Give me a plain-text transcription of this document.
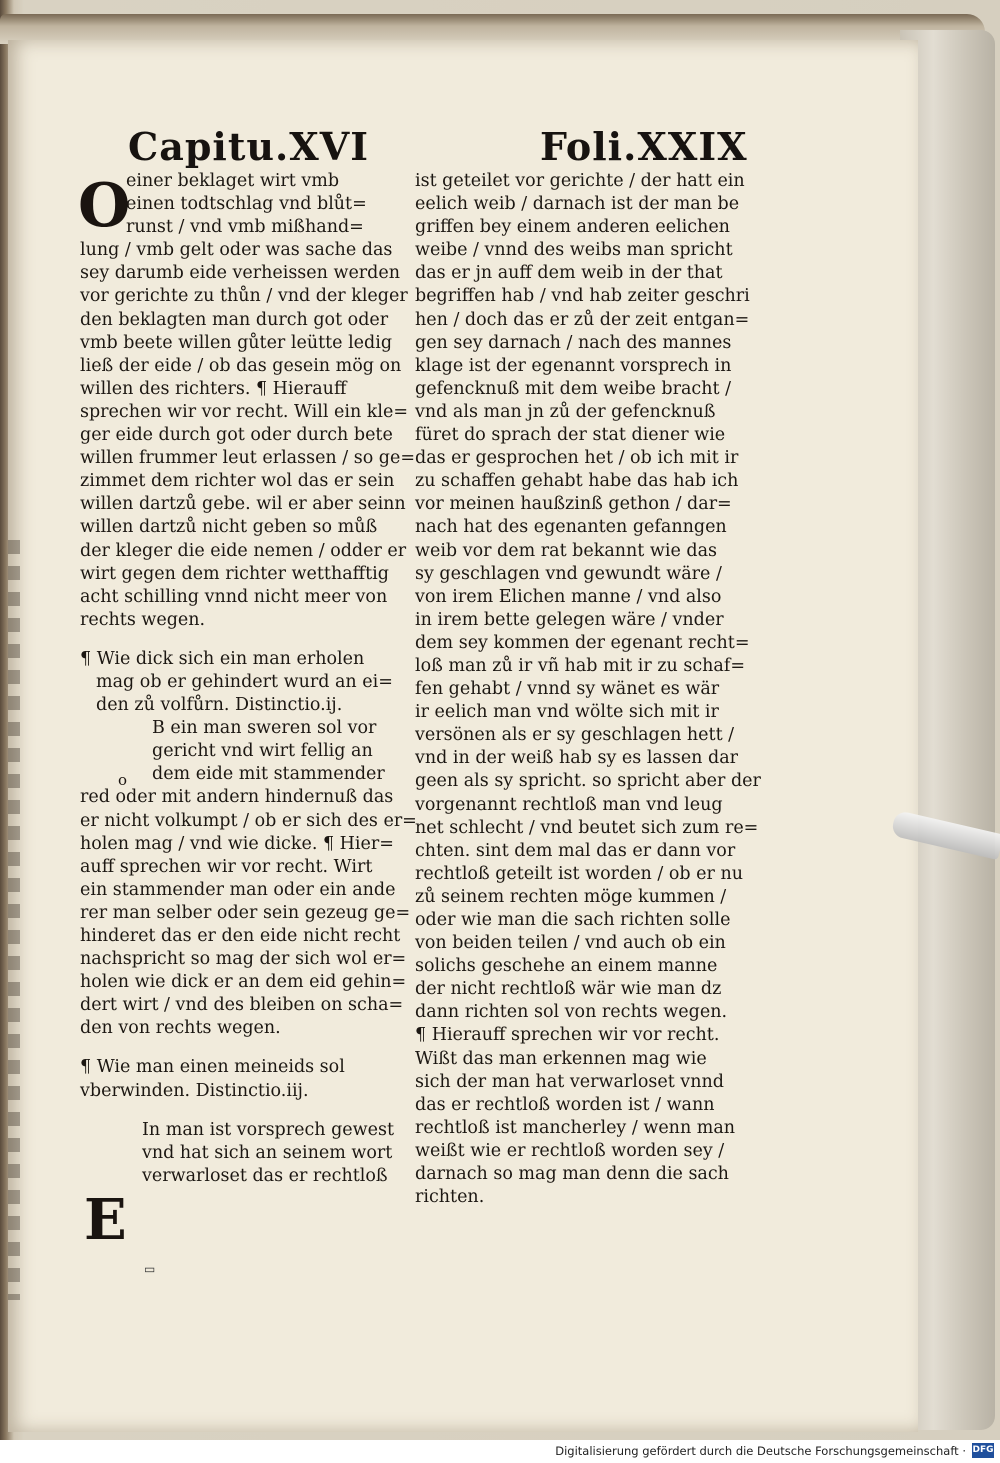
Capitu.XVI	Foli.XXIX
O
o
E
einer beklaget wirt vmb
einen todtschlag vnd blůt=
runst / vnd vmb mißhand=
lung / vmb gelt oder was sache das
sey darumb eide verheissen werden
vor gerichte zu thůn / vnd der kleger
den beklagten man durch got oder
vmb beete willen gůter leütte ledig
ließ der eide / ob das gesein mög on
willen des richters. ¶ Hierauff
sprechen wir vor recht. Will ein kle=
ger eide durch got oder durch bete
willen frummer leut erlassen / so ge=
zimmet dem richter wol das er sein
willen dartzů gebe. wil er aber seinn
willen dartzů nicht geben so můß
der kleger die eide nemen / odder er
wirt gegen dem richter wetthafftig
acht schilling vnnd nicht meer von
rechts wegen.
¶ Wie dick sich ein man erholen
mag ob er gehindert wurd an ei=
den zů volfůrn. Distinctio.ij.
B ein man sweren sol vor
gericht vnd wirt fellig an
dem eide mit stammender
red oder mit andern hindernuß das
er nicht volkumpt / ob er sich des er=
holen mag / vnd wie dicke. ¶ Hier=
auff sprechen wir vor recht. Wirt
ein stammender man oder ein ande
rer man selber oder sein gezeug ge=
hinderet das er den eide nicht recht
nachspricht so mag der sich wol er=
holen wie dick er an dem eid gehin=
dert wirt / vnd des bleiben on scha=
den von rechts wegen.
¶ Wie man einen meineids sol
vberwinden. Distinctio.iij.
In man ist vorsprech gewest
vnd hat sich an seinem wort
verwarloset das er rechtloß
ist geteilet vor gerichte / der hatt ein
eelich weib / darnach ist der man be
griffen bey einem anderen eelichen
weibe / vnnd des weibs man spricht
das er jn auff dem weib in der that
begriffen hab / vnd hab zeiter geschri
hen / doch das er zů der zeit entgan=
gen sey darnach / nach des mannes
klage ist der egenannt vorsprech in
gefencknuß mit dem weibe bracht /
vnd als man jn zů der gefencknuß
füret do sprach der stat diener wie
das er gesprochen het / ob ich mit ir
zu schaffen gehabt habe das hab ich
vor meinen haußzinß gethon / dar=
nach hat des egenanten gefanngen
weib vor dem rat bekannt wie das
sy geschlagen vnd gewundt wäre /
von irem Elichen manne / vnd also
in irem bette gelegen wäre / vnder
dem sey kommen der egenant recht=
loß man zů ir vñ hab mit ir zu schaf=
fen gehabt / vnnd sy wänet es wär
ir eelich man vnd wölte sich mit ir
versönen als er sy geschlagen hett /
vnd in der weiß hab sy es lassen dar
geen als sy spricht. so spricht aber der
vorgenannt rechtloß man vnd leug
net schlecht / vnd beutet sich zum re=
chten. sint dem mal das er dann vor
rechtloß geteilt ist worden / ob er nu
zů seinem rechten möge kummen /
oder wie man die sach richten solle
von beiden teilen / vnd auch ob ein
solichs geschehe an einem manne
der nicht rechtloß wär wie man dz
dann richten sol von rechts wegen.
¶ Hierauff sprechen wir vor recht.
Wißt das man erkennen mag wie
sich der man hat verwarloset vnnd
das er rechtloß worden ist / wann
rechtloß ist mancherley / wenn man
weißt wie er rechtloß worden sey /
darnach so mag man denn die sach
richten.
▭
Digitalisierung gefördert durch die Deutsche Forschungsgemeinschaft · DFG
